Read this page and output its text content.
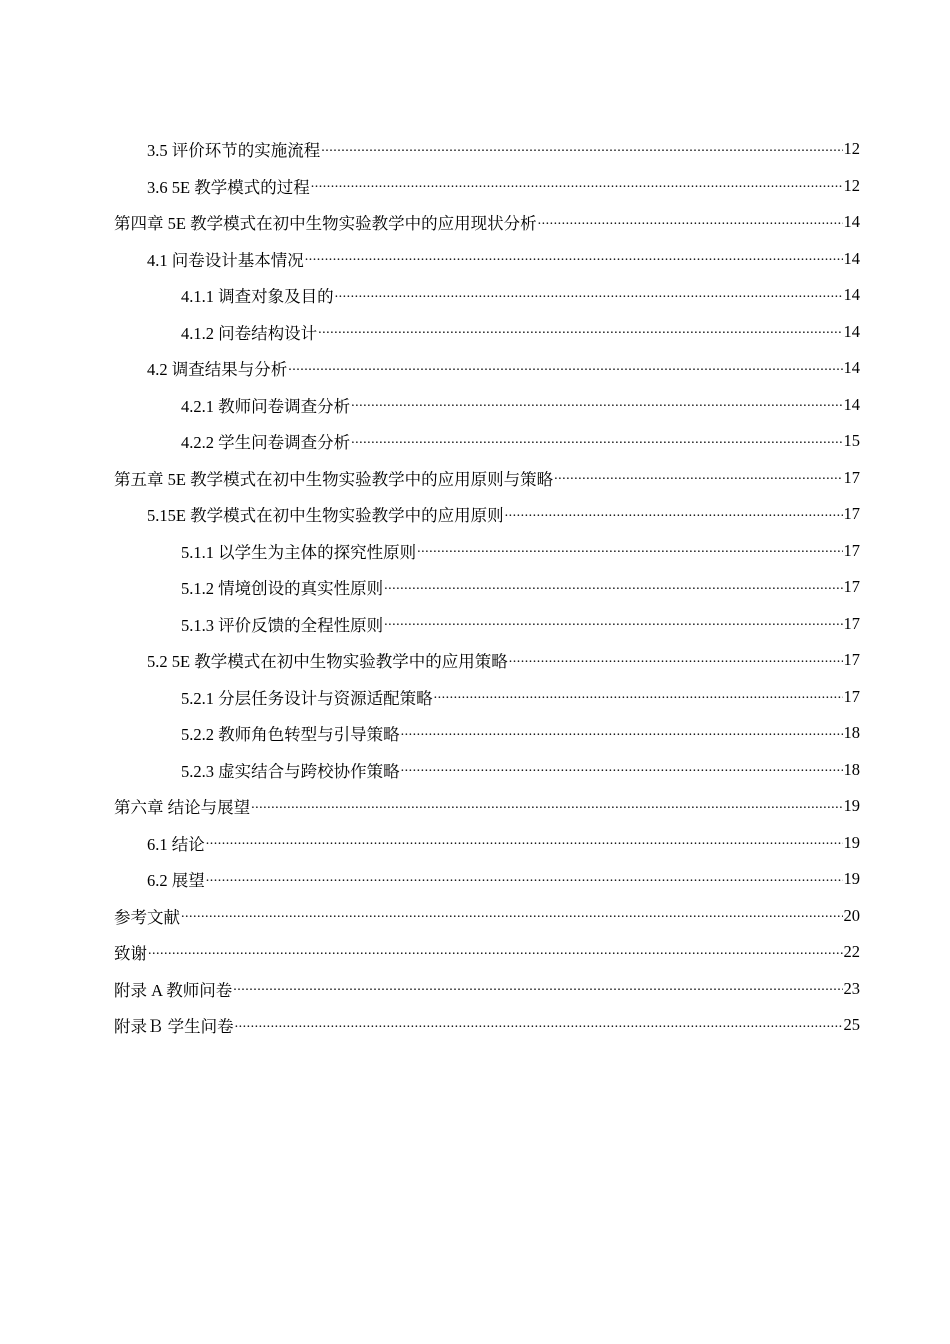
3.5 评价环节的实施流程 .....	12
3.6 5E 教学模式的过程 .....	12
第四章 5E 教学模式在初中生物实验教学中的应用现状分析 .....	14
4.1 问卷设计基本情况 .....	14
4.1.1 调查对象及目的 .....	14
4.1.2 问卷结构设计 .....	14
4.2 调查结果与分析 .....	14
4.2.1 教师问卷调查分析 .....	14
4.2.2 学生问卷调查分析 .....	15
第五章 5E 教学模式在初中生物实验教学中的应用原则与策略 .....	17
5.15E 教学模式在初中生物实验教学中的应用原则 .....	17
5.1.1 以学生为主体的探究性原则 .....	17
5.1.2 情境创设的真实性原则 .....	17
5.1.3 评价反馈的全程性原则 .....	17
5.2 5E 教学模式在初中生物实验教学中的应用策略 .....	17
5.2.1 分层任务设计与资源适配策略 .....	17
5.2.2 教师角色转型与引导策略 .....	18
5.2.3 虚实结合与跨校协作策略 .....	18
第六章 结论与展望 .....	19
6.1 结论 .....	19
6.2 展望 .....	19
参考文献 .....	20
致谢 .....	22
附录 A 教师问卷 .....	23
附录Ｂ 学生问卷 .....	25
